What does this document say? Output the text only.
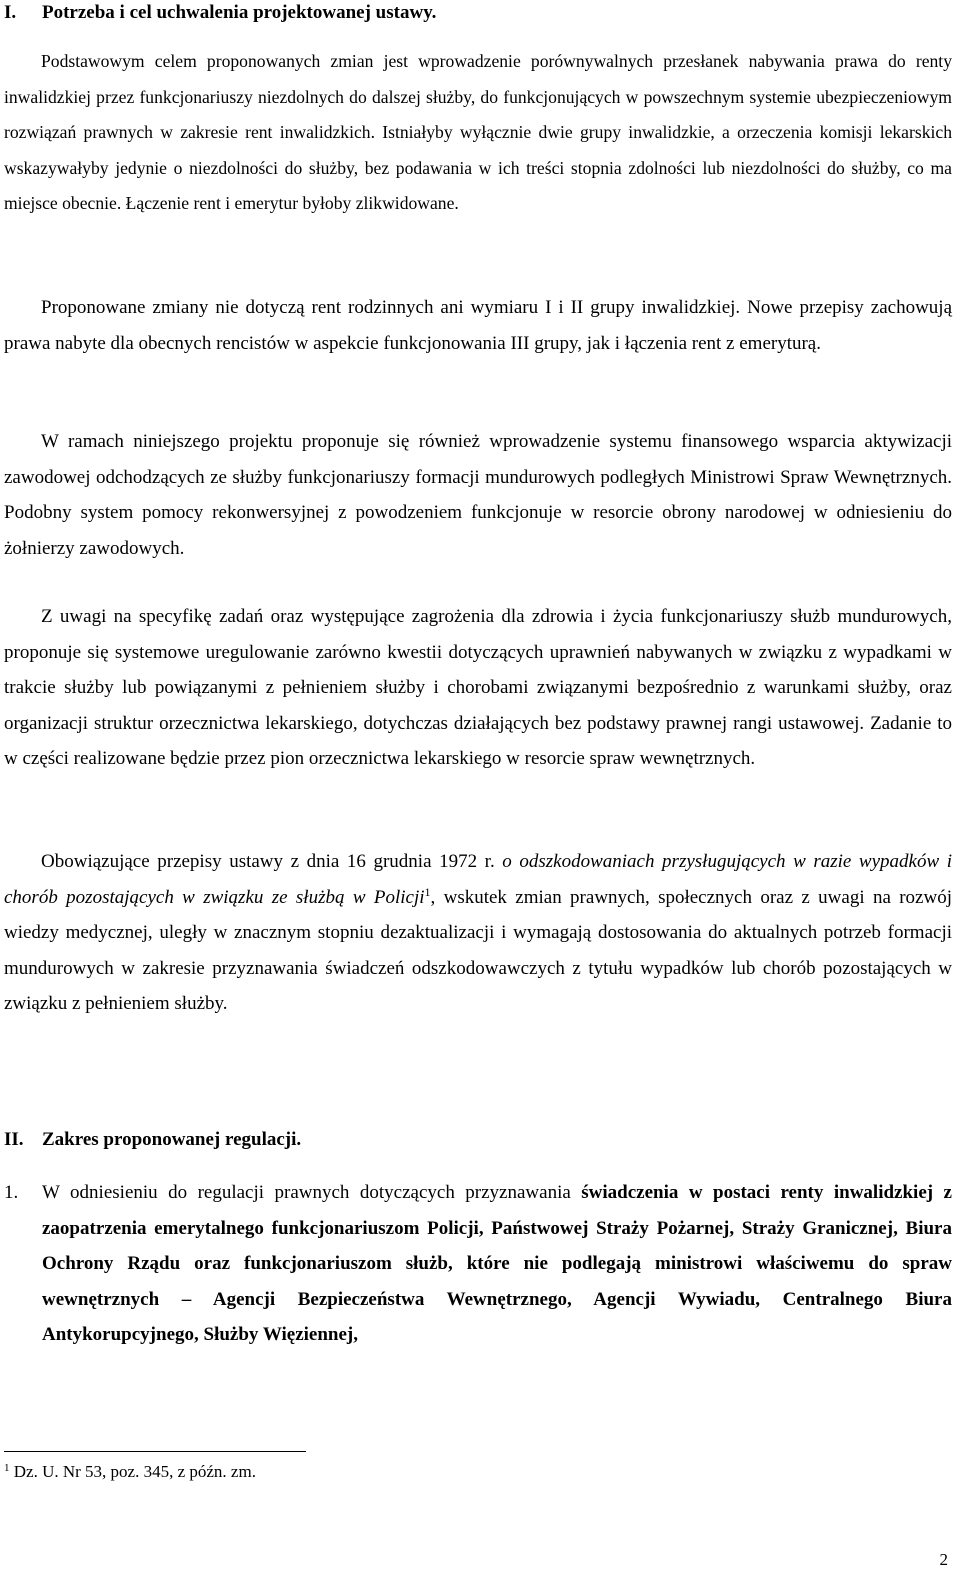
I. Potrzeba i cel uchwalenia projektowanej ustawy.

Podstawowym celem proponowanych zmian jest wprowadzenie porównywalnych przesłanek nabywania prawa do renty inwalidzkiej przez funkcjonariuszy niezdolnych do dalszej służby, do funkcjonujących w powszechnym systemie ubezpieczeniowym rozwiązań prawnych w zakresie rent inwalidzkich. Istniałyby wyłącznie dwie grupy inwalidzkie, a orzeczenia komisji lekarskich wskazywałyby jedynie o niezdolności do służby, bez podawania w ich treści stopnia zdolności lub niezdolności do służby, co ma miejsce obecnie. Łączenie rent i emerytur byłoby zlikwidowane.

Proponowane zmiany nie dotyczą rent rodzinnych ani wymiaru I i II grupy inwalidzkiej. Nowe przepisy zachowują prawa nabyte dla obecnych rencistów w aspekcie funkcjonowania III grupy, jak i łączenia rent z emeryturą.

W ramach niniejszego projektu proponuje się również wprowadzenie systemu finansowego wsparcia aktywizacji zawodowej odchodzących ze służby funkcjonariuszy formacji mundurowych podległych Ministrowi Spraw Wewnętrznych. Podobny system pomocy rekonwersyjnej z powodzeniem funkcjonuje w resorcie obrony narodowej w odniesieniu do żołnierzy zawodowych.

Z uwagi na specyfikę zadań oraz występujące zagrożenia dla zdrowia i życia funkcjonariuszy służb mundurowych, proponuje się systemowe uregulowanie zarówno kwestii dotyczących uprawnień nabywanych w związku z wypadkami w trakcie służby lub powiązanymi z pełnieniem służby i chorobami związanymi bezpośrednio z warunkami służby, oraz organizacji struktur orzecznictwa lekarskiego, dotychczas działających bez podstawy prawnej rangi ustawowej. Zadanie to w części realizowane będzie przez pion orzecznictwa lekarskiego w resorcie spraw wewnętrznych.

Obowiązujące przepisy ustawy z dnia 16 grudnia 1972 r. o odszkodowaniach przysługujących w razie wypadków i chorób pozostających w związku ze służbą w Policji$^1$, wskutek zmian prawnych, społecznych oraz z uwagi na rozwój wiedzy medycznej, uległy w znacznym stopniu dezaktualizacji i wymagają dostosowania do aktualnych potrzeb formacji mundurowych w zakresie przyznawania świadczeń odszkodowawczych z tytułu wypadków lub chorób pozostających w związku z pełnieniem służby.

II. Zakres proponowanej regulacji.
1. W odniesieniu do regulacji prawnych dotyczących przyznawania świadczenia w postaci renty inwalidzkiej z zaopatrzenia emerytalnego funkcjonariuszom Policji, Państwowej Straży Pożarnej, Straży Granicznej, Biura Ochrony Rządu oraz funkcjonariuszom służb, które nie podlegają ministrowi właściwemu do spraw wewnętrznych – Agencji Bezpieczeństwa Wewnętrznego, Agencji Wywiadu, Centralnego Biura Antykorupcyjnego, Służby Więziennej,

$^1$ Dz. U. Nr 53, poz. 345, z późn. zm.

2
